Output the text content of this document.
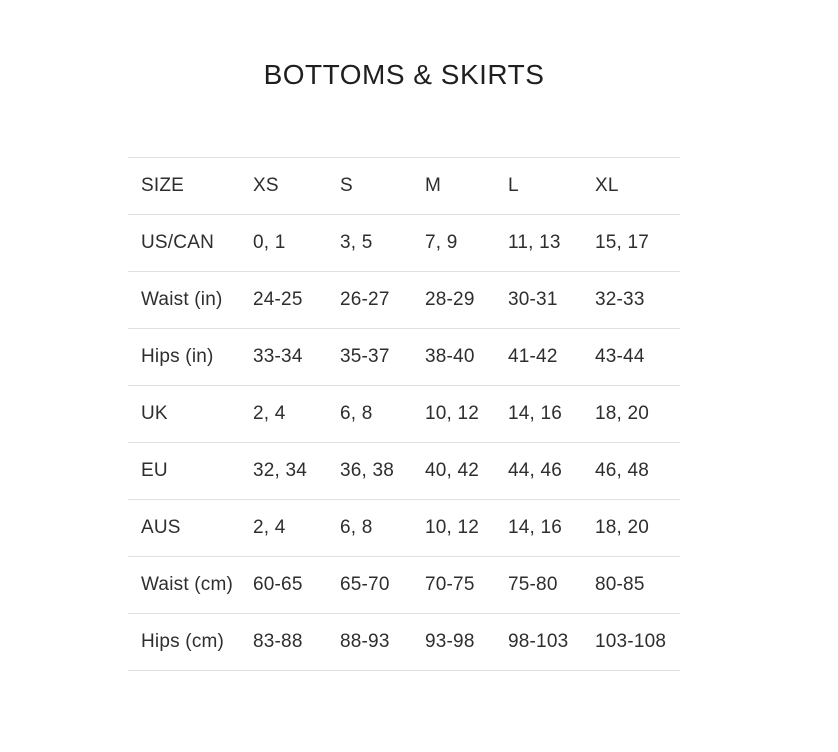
BOTTOMS & SKIRTS
SIZE	XS	S	M	L	XL
US/CAN	0, 1	3, 5	7, 9	11, 13	15, 17
Waist (in)	24-25	26-27	28-29	30-31	32-33
Hips (in)	33-34	35-37	38-40	41-42	43-44
UK	2, 4	6, 8	10, 12	14, 16	18, 20
EU	32, 34	36, 38	40, 42	44, 46	46, 48
AUS	2, 4	6, 8	10, 12	14, 16	18, 20
Waist (cm)	60-65	65-70	70-75	75-80	80-85
Hips (cm)	83-88	88-93	93-98	98-103	103-108
